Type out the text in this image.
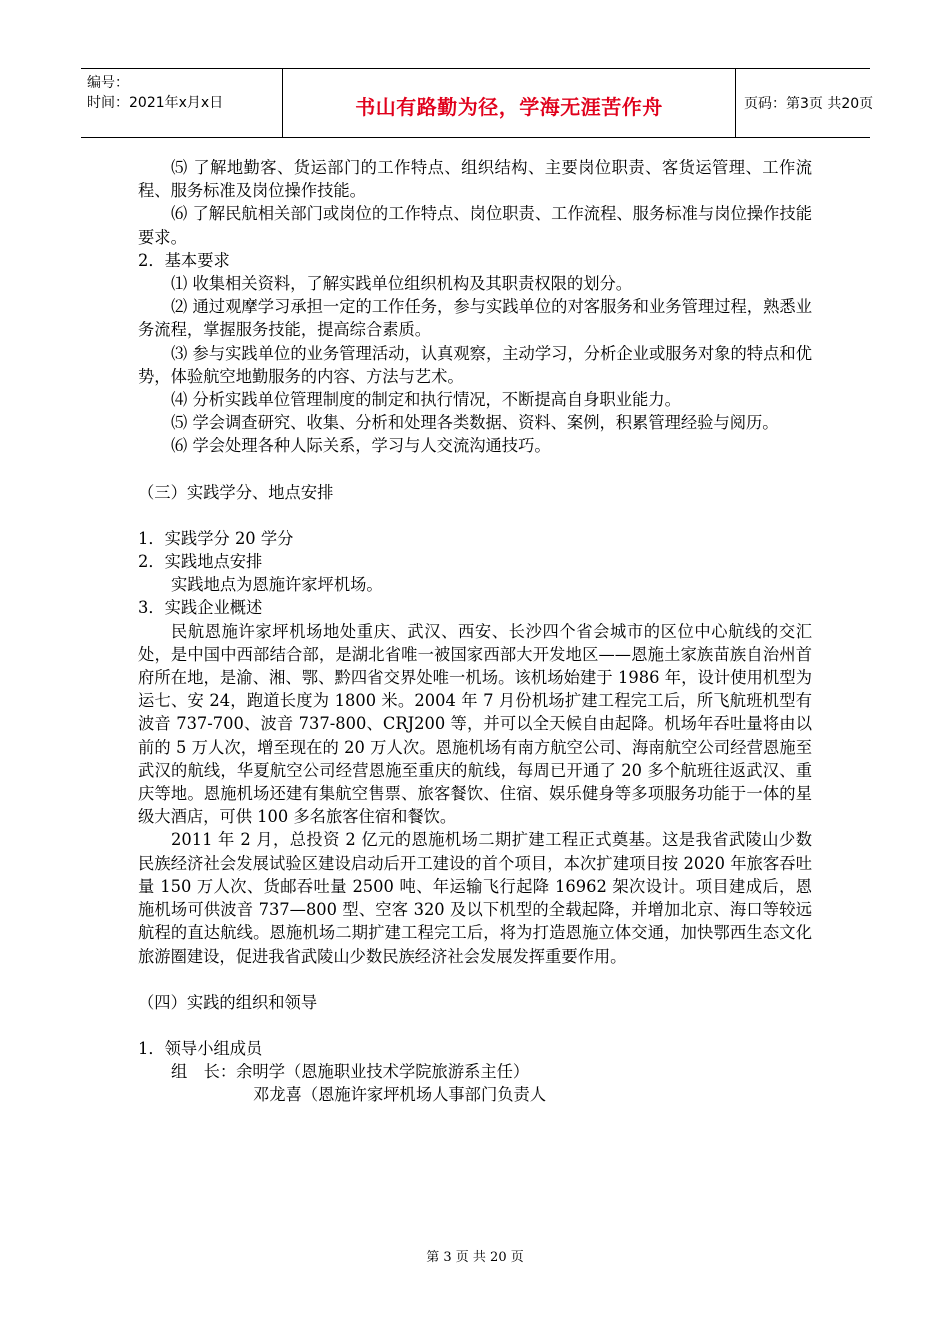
编号：
时间：2021年x月x日	书山有路勤为径，学海无涯苦作舟	页码：第3页 共20页

⑸ 了解地勤客、货运部门的工作特点、组织结构、主要岗位职责、客货运管理、工作流程、服务标准及岗位操作技能。

⑹ 了解民航相关部门或岗位的工作特点、岗位职责、工作流程、服务标准与岗位操作技能要求。

2．基本要求

⑴ 收集相关资料，了解实践单位组织机构及其职责权限的划分。

⑵ 通过观摩学习承担一定的工作任务，参与实践单位的对客服务和业务管理过程，熟悉业务流程，掌握服务技能，提高综合素质。

⑶ 参与实践单位的业务管理活动，认真观察，主动学习，分析企业或服务对象的特点和优势，体验航空地勤服务的内容、方法与艺术。

⑷ 分析实践单位管理制度的制定和执行情况，不断提高自身职业能力。

⑸ 学会调查研究、收集、分析和处理各类数据、资料、案例，积累管理经验与阅历。

⑹ 学会处理各种人际关系，学习与人交流沟通技巧。

（三）实践学分、地点安排

1．实践学分 20 学分

2．实践地点安排

实践地点为恩施许家坪机场。

3．实践企业概述

民航恩施许家坪机场地处重庆、武汉、西安、长沙四个省会城市的区位中心航线的交汇处，是中国中西部结合部，是湖北省唯一被国家西部大开发地区——恩施土家族苗族自治州首府所在地，是渝、湘、鄂、黔四省交界处唯一机场。该机场始建于 1986 年，设计使用机型为运七、安 24，跑道长度为 1800 米。2004 年 7 月份机场扩建工程完工后，所飞航班机型有波音 737-700、波音 737-800、CRJ200 等，并可以全天候自由起降。机场年吞吐量将由以前的 5 万人次，增至现在的 20 万人次。恩施机场有南方航空公司、海南航空公司经营恩施至武汉的航线，华夏航空公司经营恩施至重庆的航线，每周已开通了 20 多个航班往返武汉、重庆等地。恩施机场还建有集航空售票、旅客餐饮、住宿、娱乐健身等多项服务功能于一体的星级大酒店，可供 100 多名旅客住宿和餐饮。

2011 年 2 月，总投资 2 亿元的恩施机场二期扩建工程正式奠基。这是我省武陵山少数民族经济社会发展试验区建设启动后开工建设的首个项目，本次扩建项目按 2020 年旅客吞吐量 150 万人次、货邮吞吐量 2500 吨、年运输飞行起降 16962 架次设计。项目建成后，恩施机场可供波音 737—800 型、空客 320 及以下机型的全载起降，并增加北京、海口等较远航程的直达航线。恩施机场二期扩建工程完工后，将为打造恩施立体交通，加快鄂西生态文化旅游圈建设，促进我省武陵山少数民族经济社会发展发挥重要作用。

（四）实践的组织和领导

1．领导小组成员

组　长：余明学（恩施职业技术学院旅游系主任）

邓龙喜（恩施许家坪机场人事部门负责人

第 3 页 共 20 页
